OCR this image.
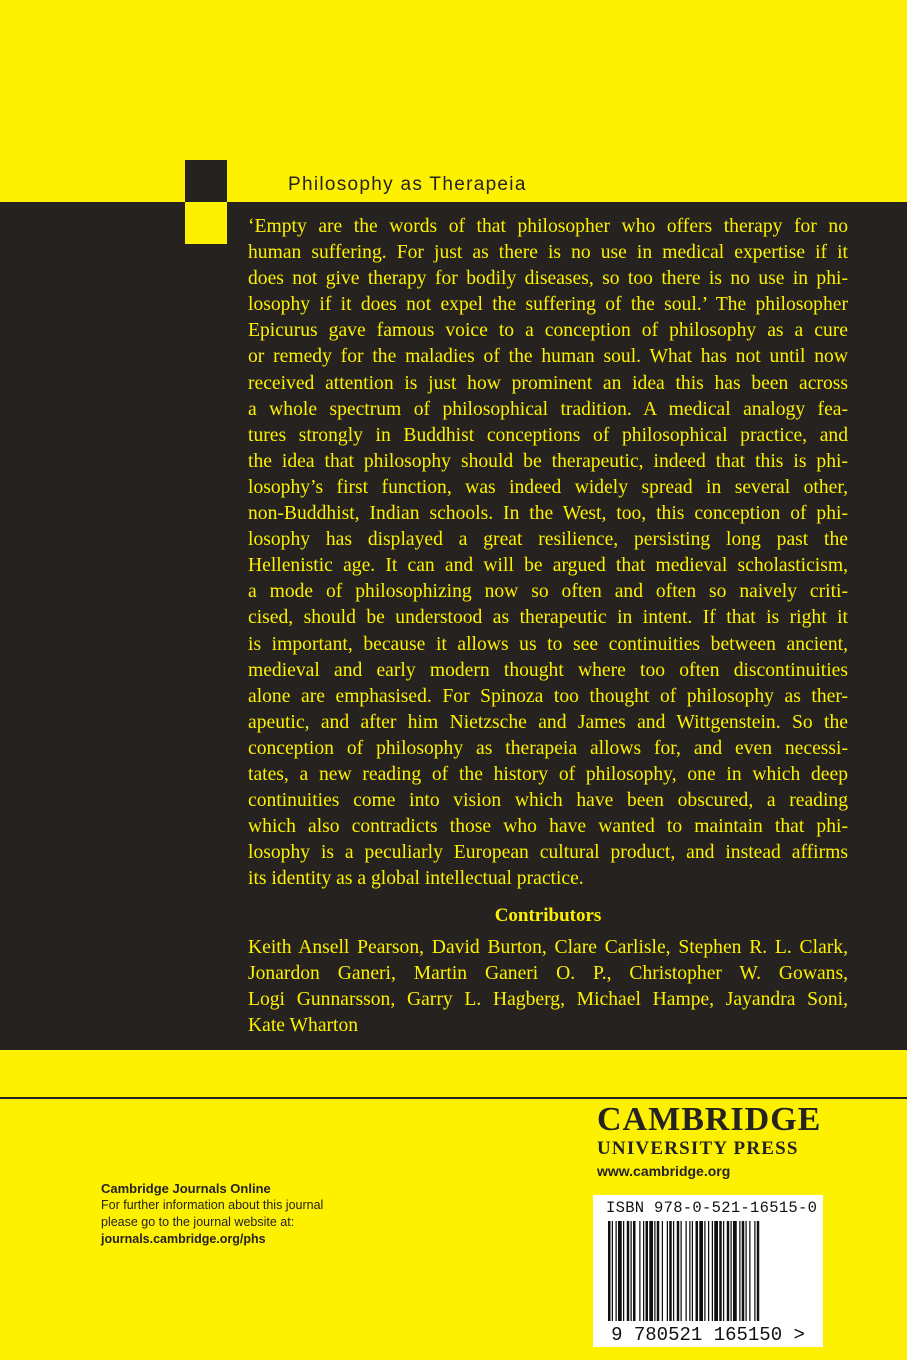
Philosophy as Therapeia
‘Empty are the words of that philosopher who offers therapy for no
human suffering. For just as there is no use in medical expertise if it
does not give therapy for bodily diseases, so too there is no use in phi-
losophy if it does not expel the suffering of the soul.’ The philosopher
Epicurus gave famous voice to a conception of philosophy as a cure
or remedy for the maladies of the human soul. What has not until now
received attention is just how prominent an idea this has been across
a whole spectrum of philosophical tradition. A medical analogy fea-
tures strongly in Buddhist conceptions of philosophical practice, and
the idea that philosophy should be therapeutic, indeed that this is phi-
losophy’s first function, was indeed widely spread in several other,
non-Buddhist, Indian schools. In the West, too, this conception of phi-
losophy has displayed a great resilience, persisting long past the
Hellenistic age. It can and will be argued that medieval scholasticism,
a mode of philosophizing now so often and often so naively criti-
cised, should be understood as therapeutic in intent. If that is right it
is important, because it allows us to see continuities between ancient,
medieval and early modern thought where too often discontinuities
alone are emphasised. For Spinoza too thought of philosophy as ther-
apeutic, and after him Nietzsche and James and Wittgenstein. So the
conception of philosophy as therapeia allows for, and even necessi-
tates, a new reading of the history of philosophy, one in which deep
continuities come into vision which have been obscured, a reading
which also contradicts those who have wanted to maintain that phi-
losophy is a peculiarly European cultural product, and instead affirms
its identity as a global intellectual practice.
Contributors
Keith Ansell Pearson, David Burton, Clare Carlisle, Stephen R. L. Clark,
Jonardon Ganeri, Martin Ganeri O. P., Christopher W. Gowans,
Logi Gunnarsson, Garry L. Hagberg, Michael Hampe, Jayandra Soni,
Kate Wharton
CAMBRIDGE
UNIVERSITY PRESS
www.cambridge.org
Cambridge Journals Online
For further information about this journal
please go to the journal website at:
journals.cambridge.org/phs
ISBN 978-0-521-16515-0
9 780521 165150 >
